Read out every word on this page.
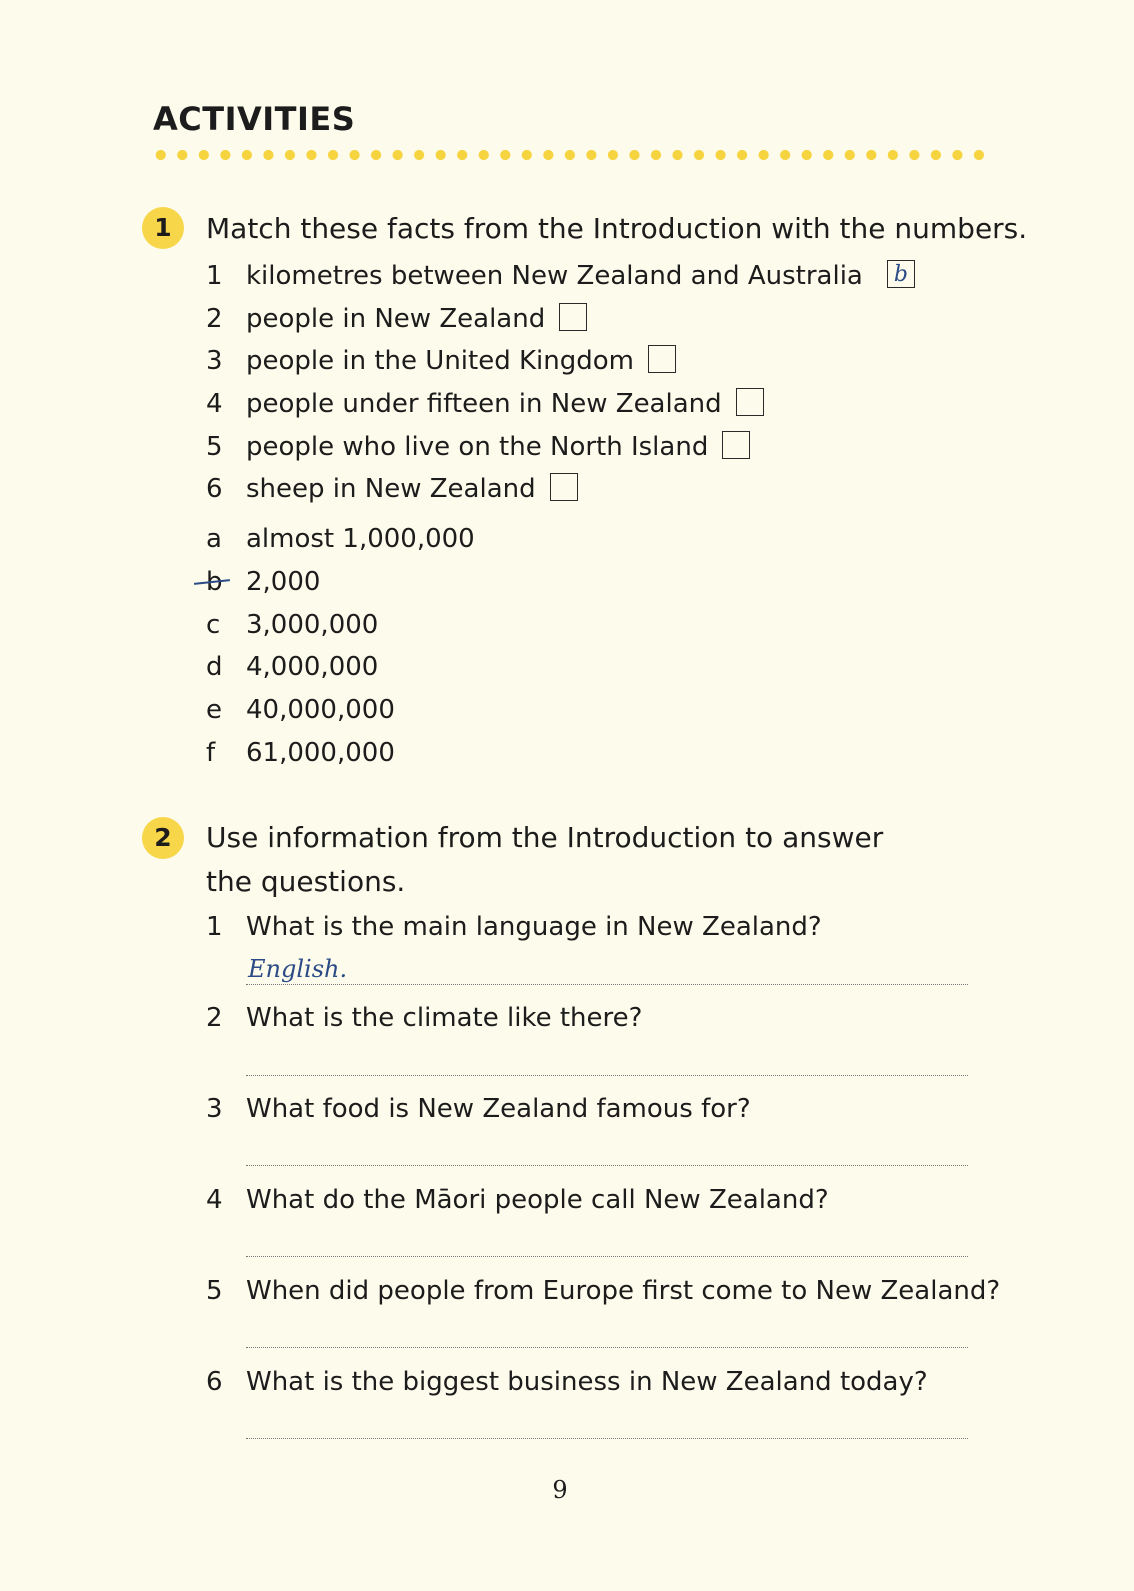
ACTIVITIES
1	Match these facts from the Introduction with the numbers.

1 kilometres between New Zealand and Australia b
2 people in New Zealand
3 people in the United Kingdom
4 people under fifteen in New Zealand
5 people who live on the North Island
6 sheep in New Zealand
a almost 1,000,000
2,000
c 3,000,000
d 4,000,000
e 40,000,000
f 61,000,000
2	Use information from the Introduction to answer the questions.

1 What is the main language in New Zealand?
English.
2 What is the climate like there?
3 What food is New Zealand famous for?
4 What do the Māori people call New Zealand?
5 When did people from Europe first come to New Zealand?
6 What is the biggest business in New Zealand today?
9
